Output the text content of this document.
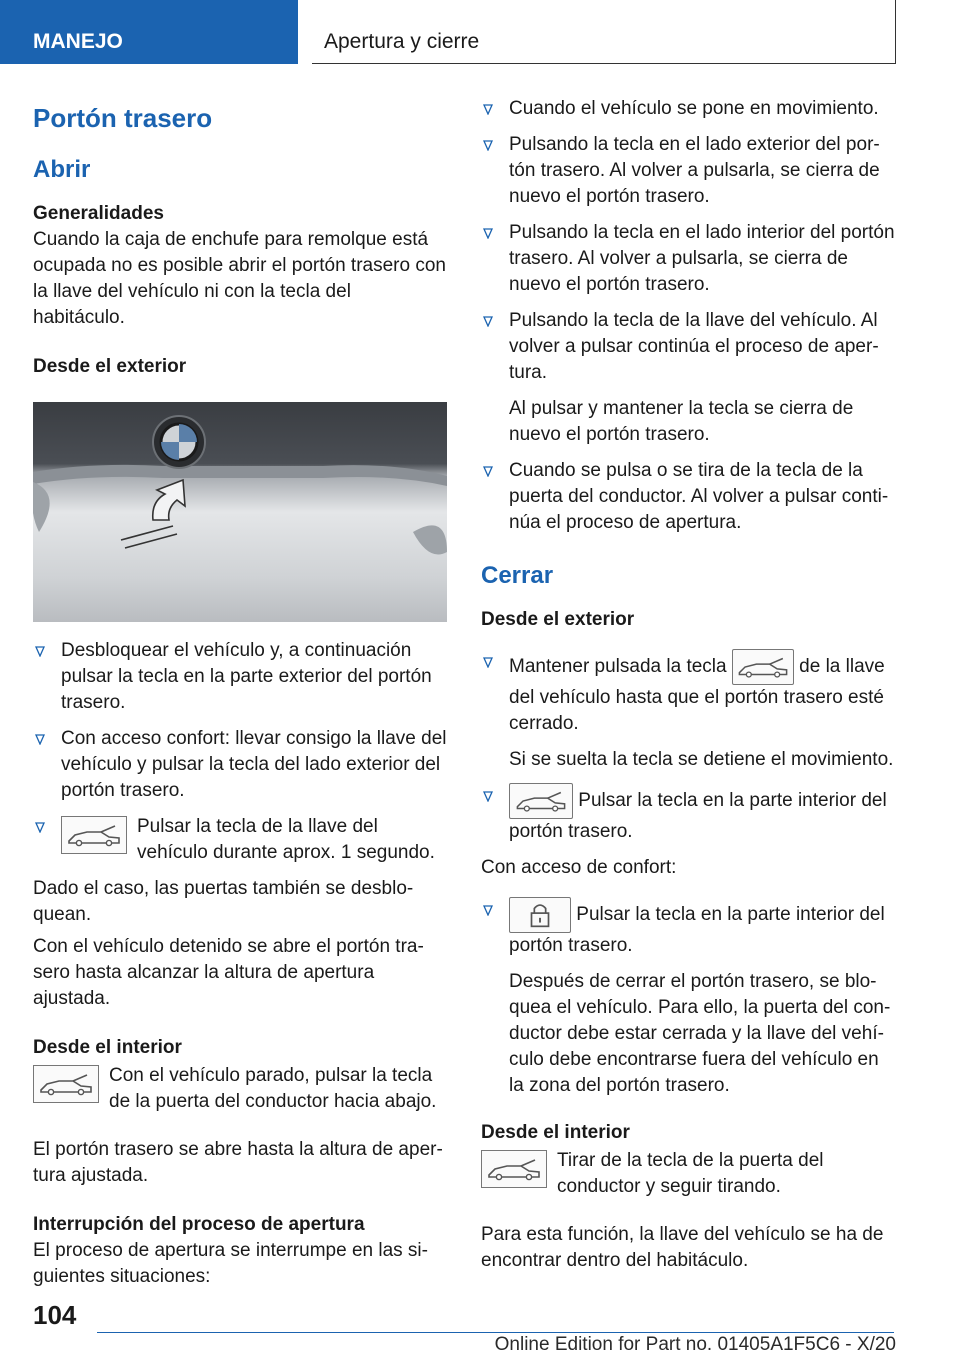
MANEJO	Apertura y cierre
Portón trasero
Abrir
Generalidades

Cuando la caja de enchufe para remolque está ocupada no es posible abrir el portón trasero con la llave del vehículo ni con la tecla del habitáculo.

Desde el exterior
Desbloquear el vehículo y, a continuación pulsar la tecla en la parte exterior del portón trasero.
Con acceso confort: llevar consigo la llave del vehículo y pulsar la tecla del lado exterior del portón trasero.
Pulsar la tecla de la llave del vehículo durante aprox. 1 segundo.

Dado el caso, las puertas también se desblo‐quean.

Con el vehículo detenido se abre el portón tra‐sero hasta alcanzar la altura de apertura ajustada.

Desde el interior

Con el vehículo parado, pulsar la tecla de la puerta del conductor hacia abajo.

El portón trasero se abre hasta la altura de aper‐tura ajustada.

Interrupción del proceso de apertura

El proceso de apertura se interrumpe en las si‐guientes situaciones:

Cuando el vehículo se pone en movimiento.
Pulsando la tecla en el lado exterior del por‐tón trasero. Al volver a pulsarla, se cierra de nuevo el portón trasero.
Pulsando la tecla en el lado interior del portón trasero. Al volver a pulsarla, se cierra de nuevo el portón trasero.
Pulsando la tecla de la llave del vehículo. Al volver a pulsar continúa el proceso de aper‐tura.

Al pulsar y mantener la tecla se cierra de nuevo el portón trasero.

Cuando se pulsa o se tira de la tecla de la puerta del conductor. Al volver a pulsar conti‐núa el proceso de apertura.
Cerrar
Desde el exterior
Mantener pulsada la tecla	de la llave del vehículo hasta que el portón trasero esté cerrado.

Si se suelta la tecla se detiene el movimiento.

Pulsar la tecla en la parte interior del portón trasero.

Con acceso de confort:

Pulsar la tecla en la parte interior del portón trasero.

Después de cerrar el portón trasero, se blo‐quea el vehículo. Para ello, la puerta del con‐ductor debe estar cerrada y la llave del vehí‐culo debe encontrarse fuera del vehículo en la zona del portón trasero.

Desde el interior

Tirar de la tecla de la puerta del conductor y seguir tirando.

Para esta función, la llave del vehículo se ha de encontrar dentro del habitáculo.

104
Online Edition for Part no. 01405A1F5C6 - X/20
